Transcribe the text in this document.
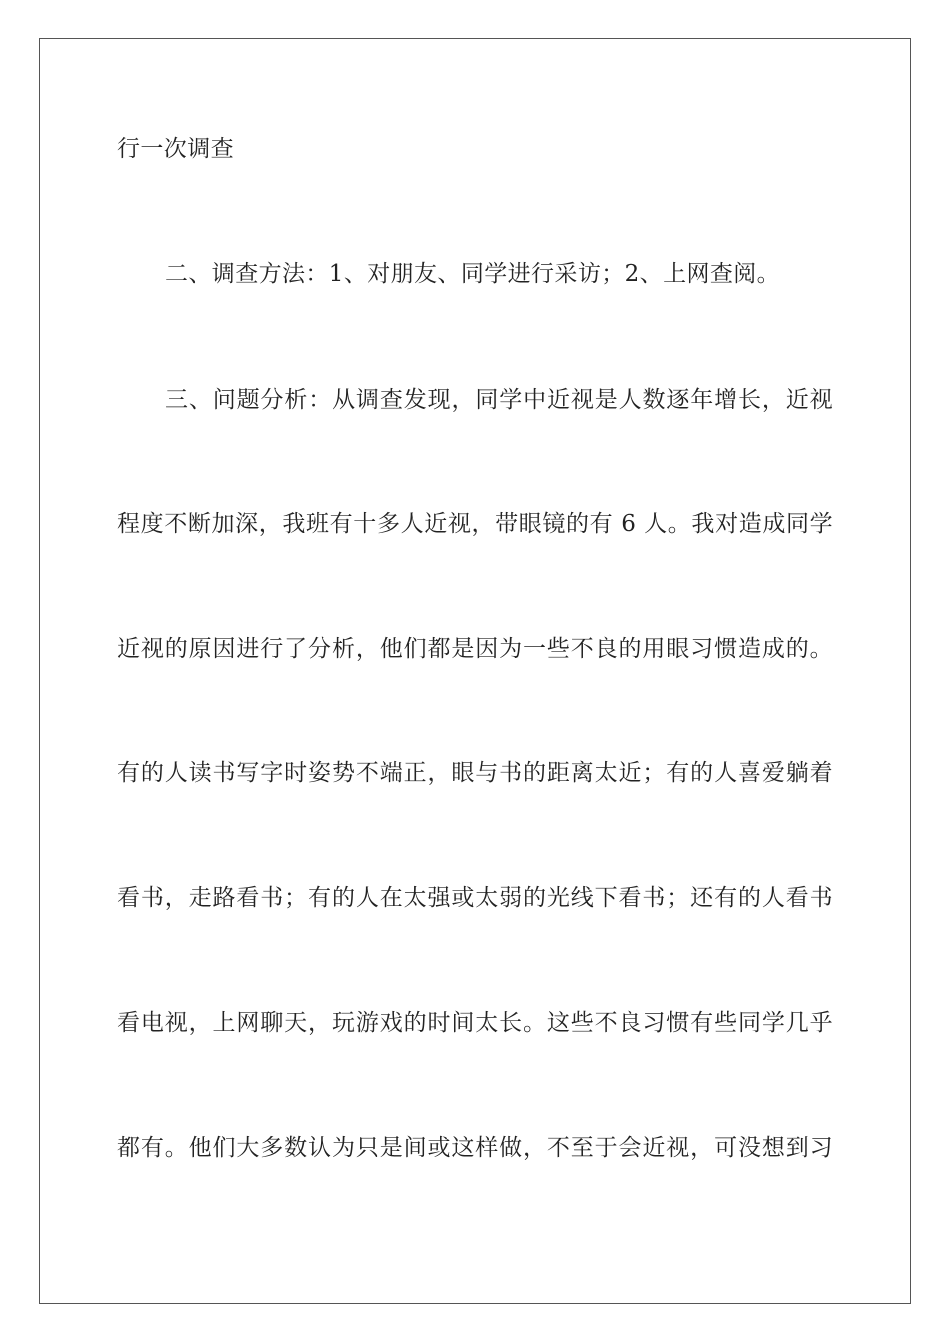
行一次调查
二、调查方法：1、对朋友、同学进行采访；2、上网查阅。
三、问题分析：从调查发现，同学中近视是人数逐年增长，近视
程度不断加深，我班有十多人近视，带眼镜的有 6 人。我对造成同学
近视的原因进行了分析，他们都是因为一些不良的用眼习惯造成的。
有的人读书写字时姿势不端正，眼与书的距离太近；有的人喜爱躺着
看书，走路看书；有的人在太强或太弱的光线下看书；还有的人看书
看电视，上网聊天，玩游戏的时间太长。这些不良习惯有些同学几乎
都有。他们大多数认为只是间或这样做，不至于会近视，可没想到习
